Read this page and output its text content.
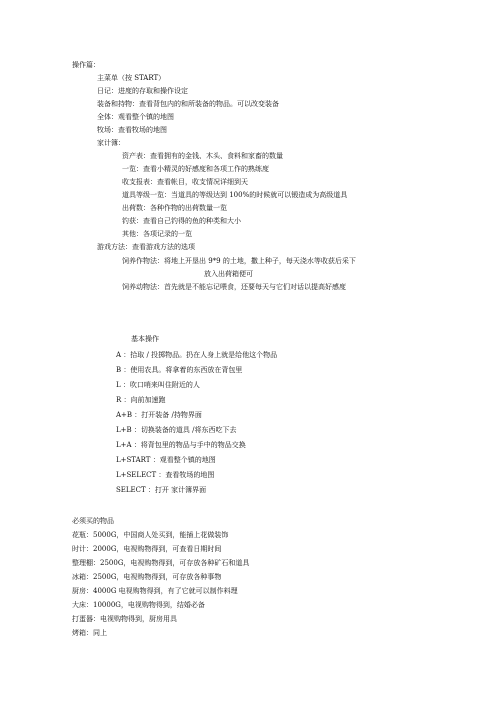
操作篇：
主菜单（按 START）
日记：进度的存取和操作设定
装备和持物：查看背包内的和所装备的物品。可以改变装备
全体：观看整个镇的地图
牧场：查看牧场的地图
家计簿：
资产表：查看拥有的金钱、木头、食料和家畜的数量
一览：查看小精灵的好感度和各项工作的熟练度
收支报表：查看帐目，收支情况详细到天
道具等级一览：当道具的等级达到 100%的时候就可以锻造成为高级道具
出荷数：各种作物的出荷数量一览
钓获：查看自己钓得的鱼的种类和大小
其他：各项记录的一览
游戏方法：查看游戏方法的选项
饲养作物法：将地上开垦出 9*9 的土地，撒上种子，每天浇水等收获后采下
放入出荷箱便可
饲养动物法：首先就是不能忘记喂食，还要每天与它们对话以提高好感度
基本操作
A ：拾取 / 投掷物品。扔在人身上就是给他这个物品
B ：使用农具。将拿着的东西放在背包里
L ：吹口哨来叫住附近的人
R ：向前加速跑
A+B ：打开装备 /持物界面
L+B ：切换装备的道具 /将东西吃下去
L+A ：将背包里的物品与手中的物品交换
L+START ：观看整个镇的地图
L+SELECT ：查看牧场的地图
SELECT ：打开 家计簿界面
必须买的物品
花瓶：5000G，中国商人处买到，能插上花做装饰
时计：2000G，电视购物得到，可查看日期时间
整理棚：2500G，电视购物得到，可存放各种矿石和道具
冰箱：2500G，电视购物得到，可存放各种事物
厨房：4000G 电视购物得到，有了它就可以制作料理
大床：10000G，电视购物得到，结婚必备
打蛋器：电视购物得到，厨房用具
烤箱：同上
